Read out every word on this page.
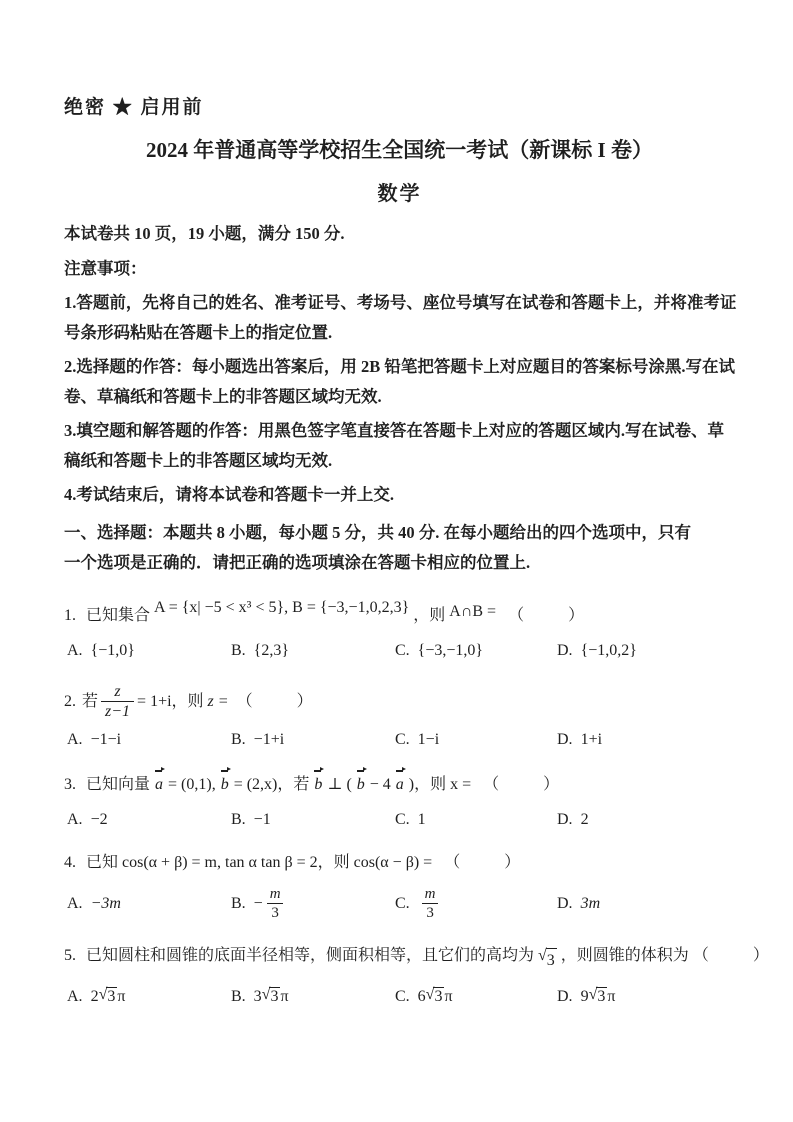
绝密 ★ 启用前
2024 年普通高等学校招生全国统一考试（新课标 I 卷）
数学
本试卷共 10 页，19 小题，满分 150 分.
注意事项：
1.答题前，先将自己的姓名、准考证号、考场号、座位号填写在试卷和答题卡上，并将准考证
号条形码粘贴在答题卡上的指定位置.
2.选择题的作答：每小题选出答案后，用 2B 铅笔把答题卡上对应题目的答案标号涂黑.写在试
卷、草稿纸和答题卡上的非答题区域均无效.
3.填空题和解答题的作答：用黑色签字笔直接答在答题卡上对应的答题区域内.写在试卷、草
稿纸和答题卡上的非答题区域均无效.
4.考试结束后，请将本试卷和答题卡一并上交.
一、选择题：本题共 8 小题，每小题 5 分，共 40 分. 在每小题给出的四个选项中，只有
一个选项是正确的．请把正确的选项填涂在答题卡相应的位置上.
1. 已知集合 A = {x| −5 < x³ < 5}, B = {−3,−1,0,2,3} ，则 A∩B = （　　）
A. {−1,0}	B. {2,3}	C. {−3,−1,0}	D. {−1,0,2}
2. 若 $\frac{z}{z-1} = 1+i$，则 z = （　　）
A. −1−i	B. −1+i	C. 1−i	D. 1+i
3. 已知向量 a = (0,1), b = (2,x)，若 b ⊥ ( b − 4 a )，则 x = （　　）
A. −2	B. −1	C. 1	D. 2
4. 已知 cos(α + β) = m, tan α tan β = 2，则 cos(α − β) = （　　）
A. −3m	B. − $\frac{m}{3}$	C. $\frac{m}{3}$	D. 3m
5. 已知圆柱和圆锥的底面半径相等，侧面积相等，且它们的高均为 √ 3 ，则圆锥的体积为 （　　）
A. 2 √ 3 π	B. 3 √ 3 π	C. 6 √ 3 π	D. 9 √ 3 π
